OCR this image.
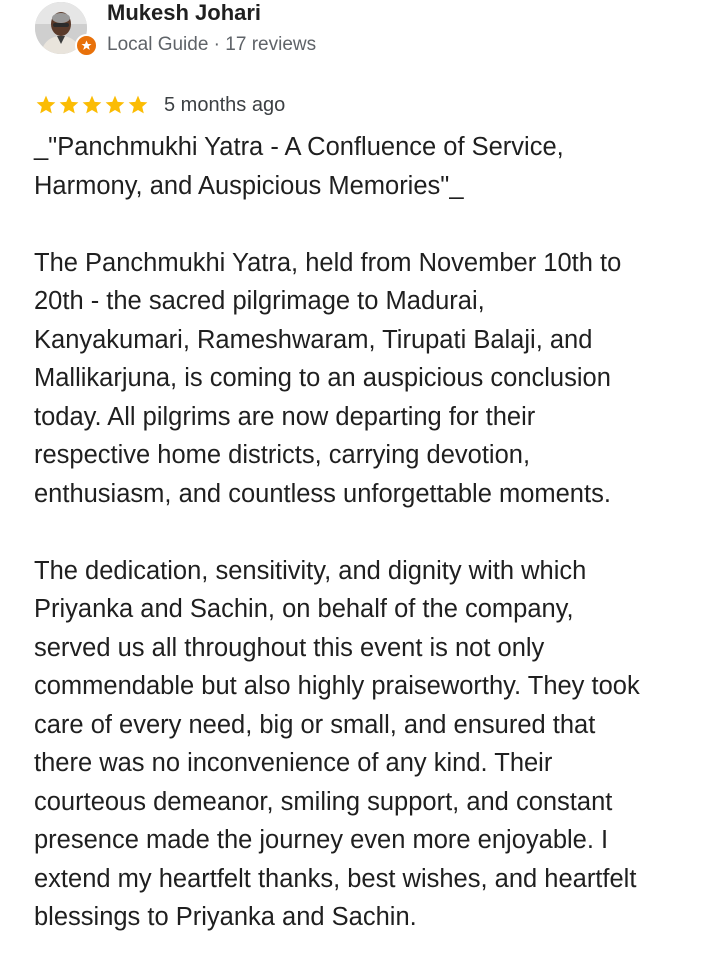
Mukesh Johari
Local Guide · 17 reviews
5 months ago

_"Panchmukhi Yatra - A Confluence of Service,
Harmony, and Auspicious Memories"_

The Panchmukhi Yatra, held from November 10th to
20th - the sacred pilgrimage to Madurai,
Kanyakumari, Rameshwaram, Tirupati Balaji, and
Mallikarjuna, is coming to an auspicious conclusion
today. All pilgrims are now departing for their
respective home districts, carrying devotion,
enthusiasm, and countless unforgettable moments.

The dedication, sensitivity, and dignity with which
Priyanka and Sachin, on behalf of the company,
served us all throughout this event is not only
commendable but also highly praiseworthy. They took
care of every need, big or small, and ensured that
there was no inconvenience of any kind. Their
courteous demeanor, smiling support, and constant
presence made the journey even more enjoyable. I
extend my heartfelt thanks, best wishes, and heartfelt
blessings to Priyanka and Sachin.
